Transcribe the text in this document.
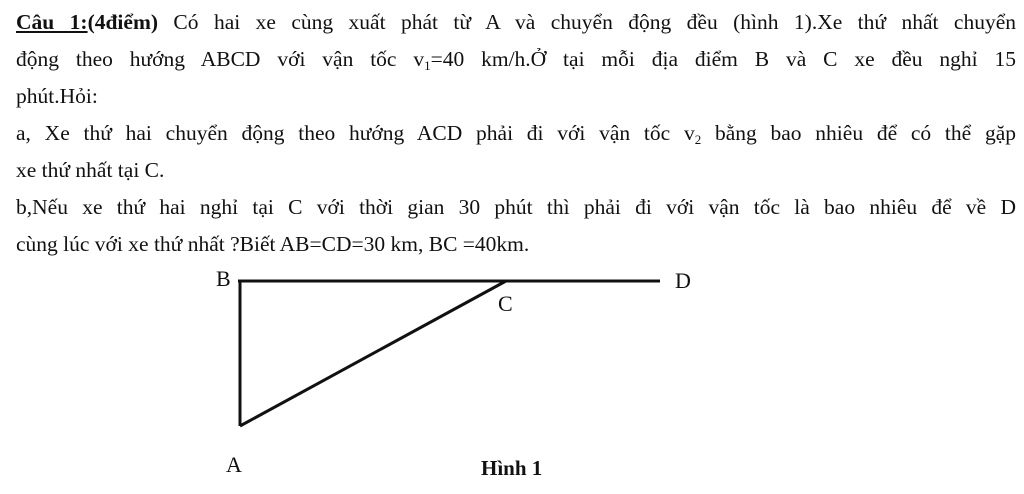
Câu 1:(4điểm) Có hai xe cùng xuất phát từ A và chuyển động đều (hình 1).Xe thứ nhất chuyển
động theo hướng ABCD với vận tốc $v_1=40$ km/h.Ở tại mỗi địa điểm B và C xe đều nghỉ 15
phút.Hỏi:
a, Xe thứ hai chuyển động theo hướng ACD phải đi với vận tốc $v_2$ bằng bao nhiêu để có thể gặp
xe thứ nhất tại C.
b,Nếu xe thứ hai nghỉ tại C với thời gian 30 phút thì phải đi với vận tốc là bao nhiêu để về D
cùng lúc với xe thứ nhất ?Biết AB=CD=30 km, BC =40km.
B	D
C
A	Hình 1
